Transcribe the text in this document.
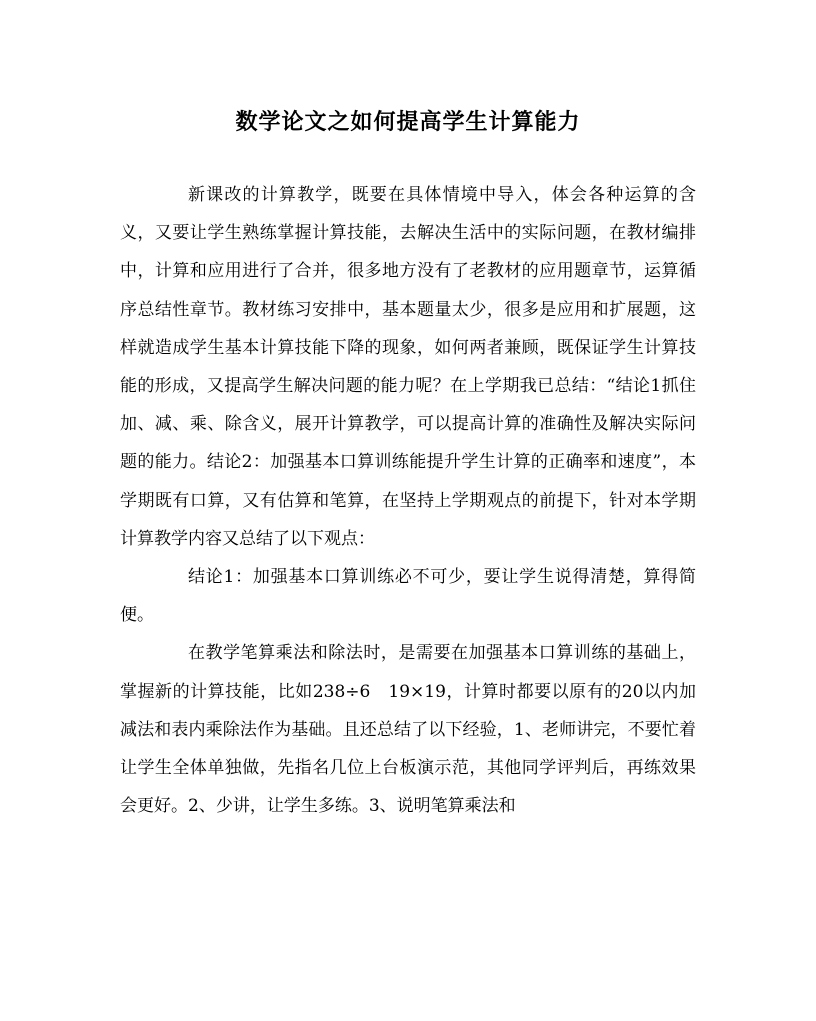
数学论文之如何提高学生计算能力

新课改的计算教学，既要在具体情境中导入，体会各种运算的含义，又要让学生熟练掌握计算技能，去解决生活中的实际问题，在教材编排中，计算和应用进行了合并，很多地方没有了老教材的应用题章节，运算循序总结性章节。教材练习安排中，基本题量太少，很多是应用和扩展题，这样就造成学生基本计算技能下降的现象，如何两者兼顾，既保证学生计算技能的形成，又提高学生解决问题的能力呢？在上学期我已总结：“结论1抓住加、减、乘、除含义，展开计算教学，可以提高计算的准确性及解决实际问题的能力。结论2：加强基本口算训练能提升学生计算的正确率和速度”，本学期既有口算，又有估算和笔算，在坚持上学期观点的前提下，针对本学期计算教学内容又总结了以下观点：

结论1：加强基本口算训练必不可少，要让学生说得清楚，算得简便。

在教学笔算乘法和除法时，是需要在加强基本口算训练的基础上，掌握新的计算技能，比如238÷6　19×19，计算时都要以原有的20以内加减法和表内乘除法作为基础。且还总结了以下经验，1、老师讲完，不要忙着让学生全体单独做，先指名几位上台板演示范，其他同学评判后，再练效果会更好。2、少讲，让学生多练。3、说明笔算乘法和
